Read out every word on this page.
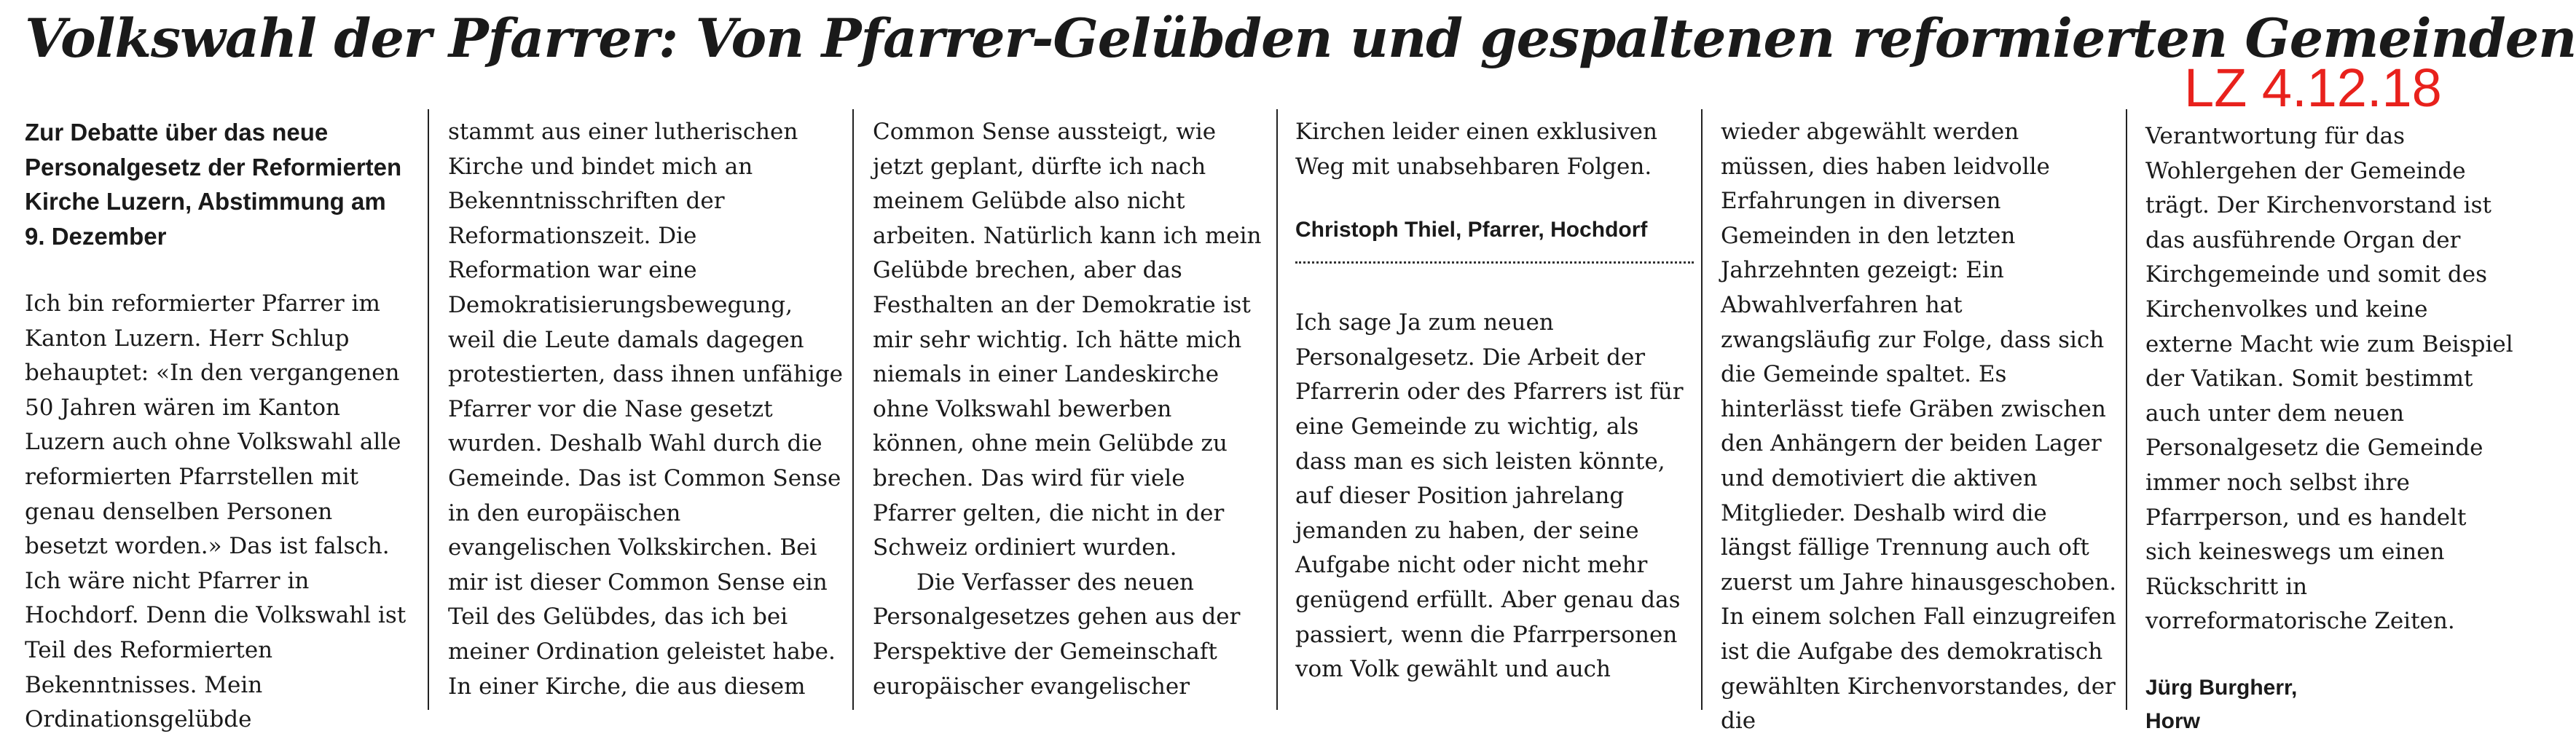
Volkswahl der Pfarrer: Von Pfarrer-Gelübden und gespaltenen reformierten Gemeinden
LZ 4.12.18

Zur Debatte über das neue Personalgesetz der Reformierten Kirche Luzern, Abstimmung am 9. Dezember

Ich bin reformierter Pfarrer im Kanton Luzern. Herr Schlup behauptet: «In den vergangenen 50 Jahren wären im Kanton Luzern auch ohne Volkswahl alle reformierten Pfarrstellen mit genau denselben Personen besetzt worden.» Das ist falsch. Ich wäre nicht Pfarrer in Hochdorf. Denn die Volkswahl ist Teil des Reformierten Bekenntnisses. Mein Ordinationsgelübde

stammt aus einer lutherischen Kirche und bindet mich an Bekenntnisschriften der Reformationszeit. Die Reformation war eine Demokratisierungsbewegung, weil die Leute damals dagegen protestierten, dass ihnen unfähige Pfarrer vor die Nase gesetzt wurden. Deshalb Wahl durch die Gemeinde. Das ist Common Sense in den europäischen evangelischen Volkskirchen. Bei mir ist dieser Common Sense ein Teil des Gelübdes, das ich bei meiner Ordination geleistet habe. In einer Kirche, die aus diesem

Common Sense aussteigt, wie jetzt geplant, dürfte ich nach meinem Gelübde also nicht arbeiten. Natürlich kann ich mein Gelübde brechen, aber das Festhalten an der Demokratie ist mir sehr wichtig. Ich hätte mich niemals in einer Landeskirche ohne Volkswahl bewerben können, ohne mein Gelübde zu brechen. Das wird für viele Pfarrer gelten, die nicht in der Schweiz ordiniert wurden.

Die Verfasser des neuen Personalgesetzes gehen aus der Perspektive der Gemeinschaft europäischer evangelischer

Kirchen leider einen exklusiven Weg mit unabsehbaren Folgen.

Christoph Thiel, Pfarrer, Hochdorf

Ich sage Ja zum neuen Personalgesetz. Die Arbeit der Pfarrerin oder des Pfarrers ist für eine Gemeinde zu wichtig, als dass man es sich leisten könnte, auf dieser Position jahrelang jemanden zu haben, der seine Aufgabe nicht oder nicht mehr genügend erfüllt. Aber genau das passiert, wenn die Pfarrpersonen vom Volk gewählt und auch

wieder abgewählt werden müssen, dies haben leidvolle Erfahrungen in diversen Gemeinden in den letzten Jahrzehnten gezeigt: Ein Abwahlverfahren hat zwangsläufig zur Folge, dass sich die Gemeinde spaltet. Es hinterlässt tiefe Gräben zwischen den Anhängern der beiden Lager und demotiviert die aktiven Mitglieder. Deshalb wird die längst fällige Trennung auch oft zuerst um Jahre hinausgeschoben. In einem solchen Fall einzugreifen ist die Aufgabe des demokratisch gewählten Kirchenvorstandes, der die

Verantwortung für das Wohlergehen der Gemeinde trägt. Der Kirchenvorstand ist das ausführende Organ der Kirchgemeinde und somit des Kirchenvolkes und keine externe Macht wie zum Beispiel der Vatikan. Somit bestimmt auch unter dem neuen Personalgesetz die Gemeinde immer noch selbst ihre Pfarrperson, und es handelt sich keineswegs um einen Rückschritt in vorreformatorische Zeiten.

Jürg Burgherr,

Horw
